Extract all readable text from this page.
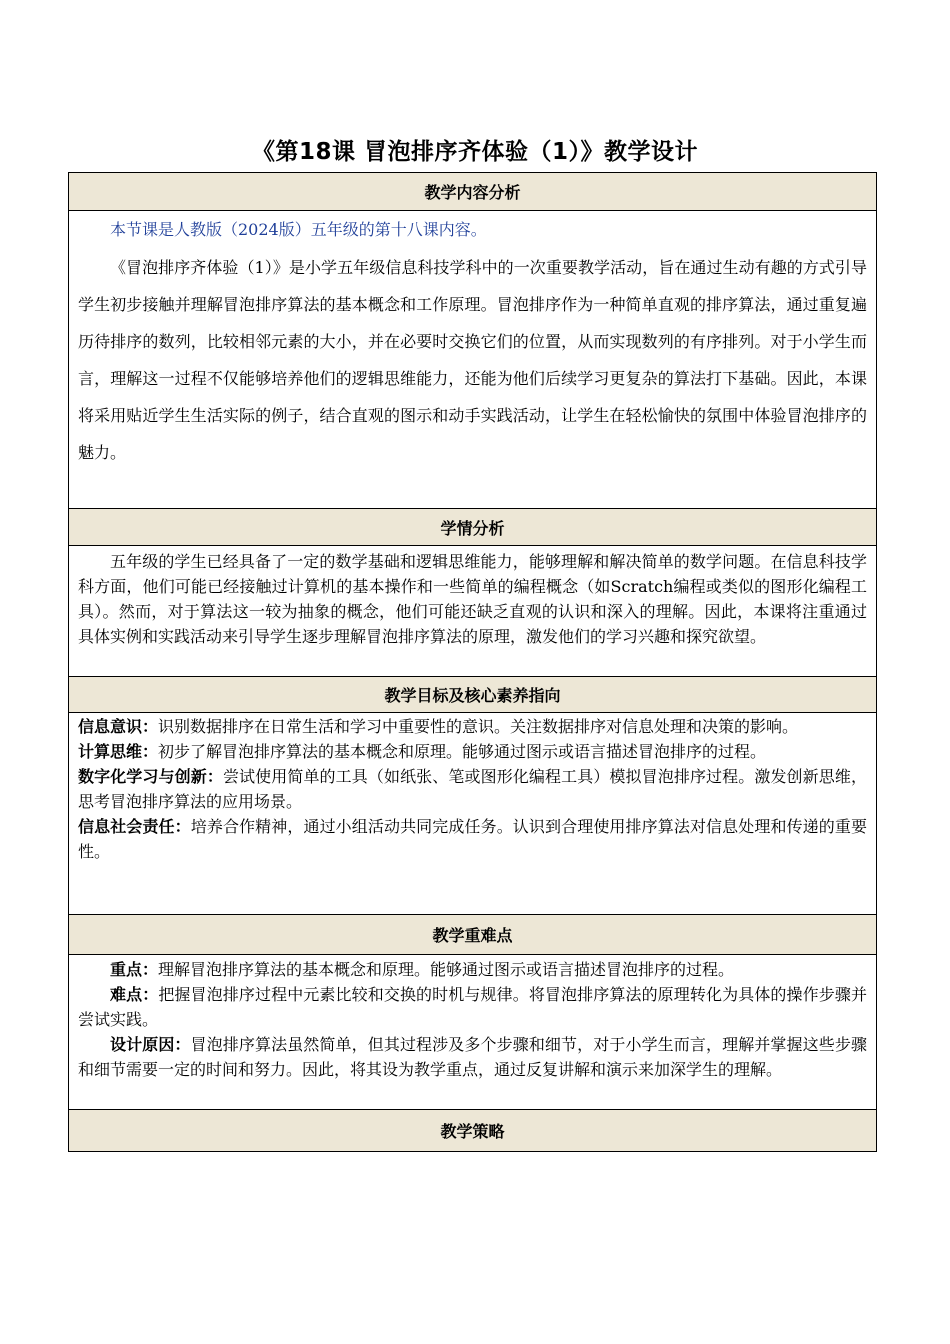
《第18课 冒泡排序齐体验（1）》教学设计
教学内容分析

本节课是人教版（2024版）五年级的第十八课内容。

《冒泡排序齐体验（1）》是小学五年级信息科技学科中的一次重要教学活动，旨在通过生动有趣的方式引导学生初步接触并理解冒泡排序算法的基本概念和工作原理。冒泡排序作为一种简单直观的排序算法，通过重复遍历待排序的数列，比较相邻元素的大小，并在必要时交换它们的位置，从而实现数列的有序排列。对于小学生而言，理解这一过程不仅能够培养他们的逻辑思维能力，还能为他们后续学习更复杂的算法打下基础。因此，本课将采用贴近学生生活实际的例子，结合直观的图示和动手实践活动，让学生在轻松愉快的氛围中体验冒泡排序的魅力。

学情分析

五年级的学生已经具备了一定的数学基础和逻辑思维能力，能够理解和解决简单的数学问题。在信息科技学科方面，他们可能已经接触过计算机的基本操作和一些简单的编程概念（如Scratch编程或类似的图形化编程工具）。然而，对于算法这一较为抽象的概念，他们可能还缺乏直观的认识和深入的理解。因此，本课将注重通过具体实例和实践活动来引导学生逐步理解冒泡排序算法的原理，激发他们的学习兴趣和探究欲望。

教学目标及核心素养指向

信息意识：识别数据排序在日常生活和学习中重要性的意识。关注数据排序对信息处理和决策的影响。

计算思维：初步了解冒泡排序算法的基本概念和原理。能够通过图示或语言描述冒泡排序的过程。

数字化学习与创新：尝试使用简单的工具（如纸张、笔或图形化编程工具）模拟冒泡排序过程。激发创新思维，思考冒泡排序算法的应用场景。

信息社会责任：培养合作精神，通过小组活动共同完成任务。认识到合理使用排序算法对信息处理和传递的重要性。

教学重难点

重点：理解冒泡排序算法的基本概念和原理。能够通过图示或语言描述冒泡排序的过程。

难点：把握冒泡排序过程中元素比较和交换的时机与规律。将冒泡排序算法的原理转化为具体的操作步骤并尝试实践。

设计原因：冒泡排序算法虽然简单，但其过程涉及多个步骤和细节，对于小学生而言，理解并掌握这些步骤和细节需要一定的时间和努力。因此，将其设为教学重点，通过反复讲解和演示来加深学生的理解。

教学策略
